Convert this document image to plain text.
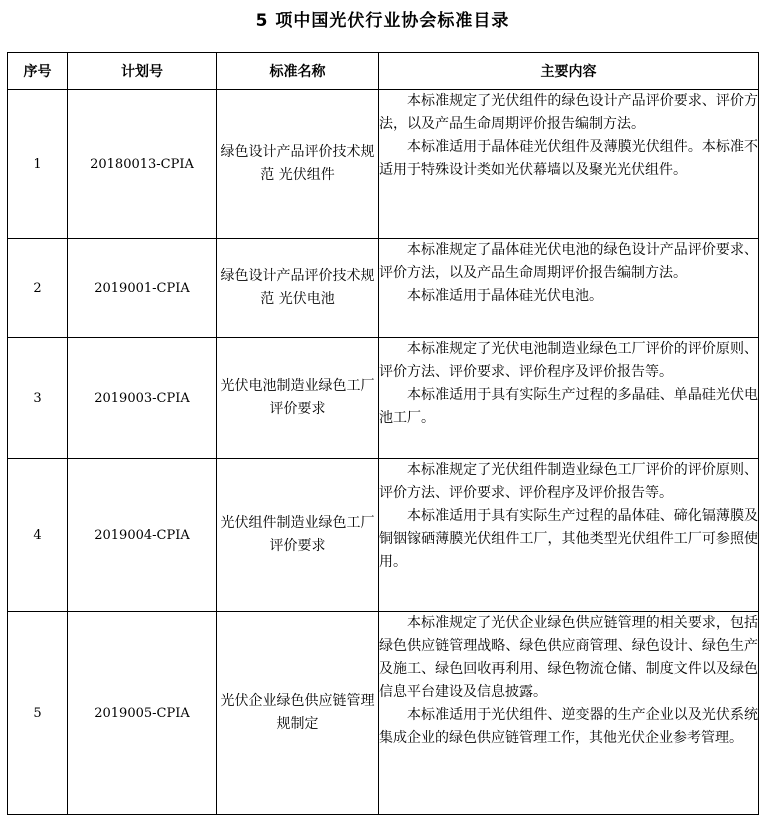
5 项中国光伏行业协会标准目录
序号	计划号	标准名称	主要内容
1	20180013-CPIA	绿色设计产品评价技术规范 光伏组件	本标准规定了光伏组件的绿色设计产品评价要求、评价方法，以及产品生命周期评价报告编制方法。

本标准适用于晶体硅光伏组件及薄膜光伏组件。本标准不适用于特殊设计类如光伏幕墙以及聚光光伏组件。

2	2019001-CPIA	绿色设计产品评价技术规范 光伏电池	本标准规定了晶体硅光伏电池的绿色设计产品评价要求、评价方法，以及产品生命周期评价报告编制方法。

本标准适用于晶体硅光伏电池。

3	2019003-CPIA	光伏电池制造业绿色工厂评价要求	本标准规定了光伏电池制造业绿色工厂评价的评价原则、评价方法、评价要求、评价程序及评价报告等。

本标准适用于具有实际生产过程的多晶硅、单晶硅光伏电池工厂。

4	2019004-CPIA	光伏组件制造业绿色工厂评价要求	本标准规定了光伏组件制造业绿色工厂评价的评价原则、评价方法、评价要求、评价程序及评价报告等。

本标准适用于具有实际生产过程的晶体硅、碲化镉薄膜及铜铟镓硒薄膜光伏组件工厂，其他类型光伏组件工厂可参照使用。

5	2019005-CPIA	光伏企业绿色供应链管理规制定	本标准规定了光伏企业绿色供应链管理的相关要求，包括绿色供应链管理战略、绿色供应商管理、绿色设计、绿色生产及施工、绿色回收再利用、绿色物流仓储、制度文件以及绿色信息平台建设及信息披露。

本标准适用于光伏组件、逆变器的生产企业以及光伏系统集成企业的绿色供应链管理工作，其他光伏企业参考管理。
